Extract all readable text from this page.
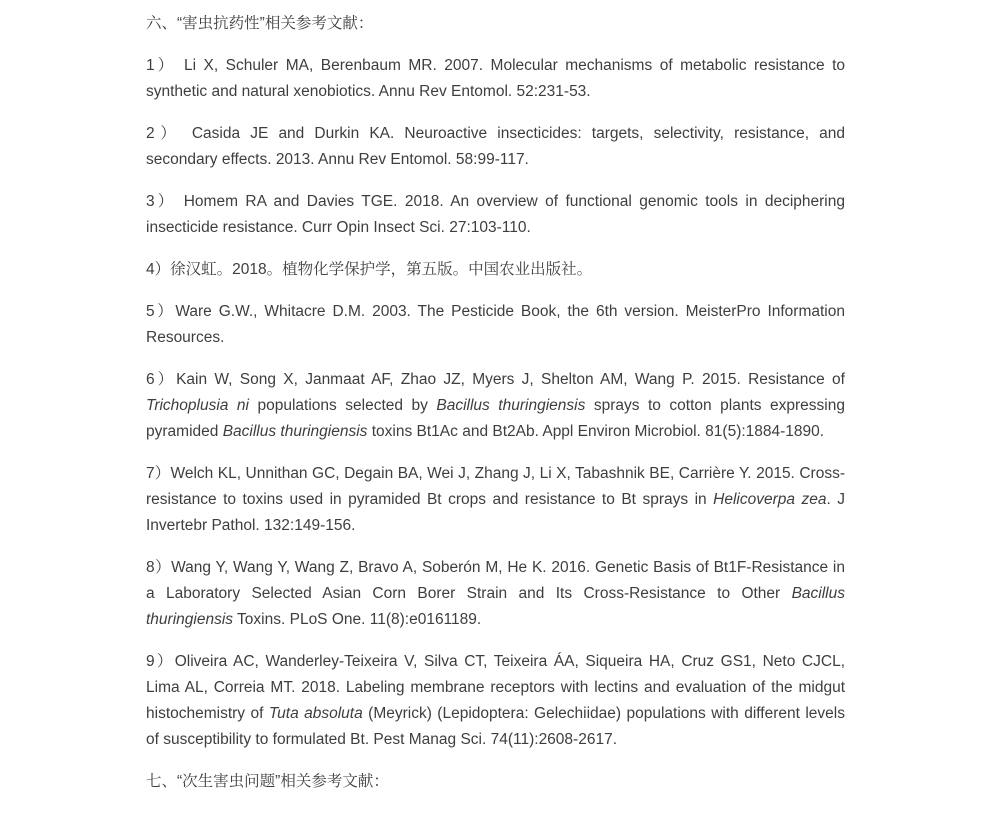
六、“害虫抗药性”相关参考文献：

1） Li X, Schuler MA, Berenbaum MR. 2007. Molecular mechanisms of metabolic resistance to synthetic and natural xenobiotics. Annu Rev Entomol. 52:231-53.

2） Casida JE and Durkin KA. Neuroactive insecticides: targets, selectivity, resistance, and secondary effects. 2013. Annu Rev Entomol. 58:99-117.

3） Homem RA and Davies TGE. 2018. An overview of functional genomic tools in deciphering insecticide resistance. Curr Opin Insect Sci. 27:103-110.

4）徐汉虹。2018。植物化学保护学，第五版。中国农业出版社。

5）Ware G.W., Whitacre D.M. 2003. The Pesticide Book, the 6th version. MeisterPro Information Resources.

6）Kain W, Song X, Janmaat AF, Zhao JZ, Myers J, Shelton AM, Wang P. 2015. Resistance of Trichoplusia ni populations selected by Bacillus thuringiensis sprays to cotton plants expressing pyramided Bacillus thuringiensis toxins Bt1Ac and Bt2Ab. Appl Environ Microbiol. 81(5):1884-1890.

7）Welch KL, Unnithan GC, Degain BA, Wei J, Zhang J, Li X, Tabashnik BE, Carrière Y. 2015. Cross-resistance to toxins used in pyramided Bt crops and resistance to Bt sprays in Helicoverpa zea. J Invertebr Pathol. 132:149-156.

8）Wang Y, Wang Y, Wang Z, Bravo A, Soberón M, He K. 2016. Genetic Basis of Bt1F-Resistance in a Laboratory Selected Asian Corn Borer Strain and Its Cross-Resistance to Other Bacillus thuringiensis Toxins. PLoS One. 11(8):e0161189.

9）Oliveira AC, Wanderley-Teixeira V, Silva CT, Teixeira ÁA, Siqueira HA, Cruz GS1, Neto CJCL, Lima AL, Correia MT. 2018. Labeling membrane receptors with lectins and evaluation of the midgut histochemistry of Tuta absoluta (Meyrick) (Lepidoptera: Gelechiidae) populations with different levels of susceptibility to formulated Bt. Pest Manag Sci. 74(11):2608-2617.

七、“次生害虫问题”相关参考文献：
